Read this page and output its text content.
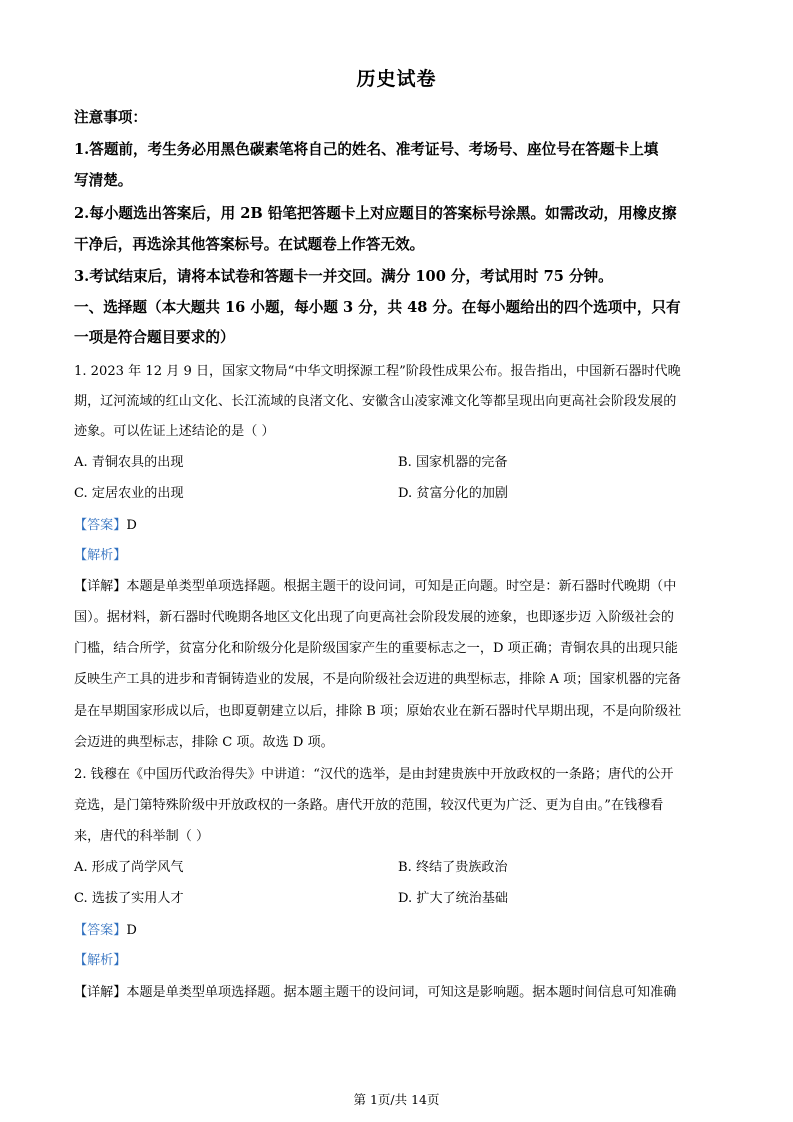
历史试卷
注意事项：
1.答题前，考生务必用黑色碳素笔将自己的姓名、准考证号、考场号、座位号在答题卡上填
写清楚。
2.每小题选出答案后，用 2B 铅笔把答题卡上对应题目的答案标号涂黑。如需改动，用橡皮擦
干净后，再选涂其他答案标号。在试题卷上作答无效。
3.考试结束后，请将本试卷和答题卡一并交回。满分 100 分，考试用时 75 分钟。
一、选择题（本大题共 16 小题，每小题 3 分，共 48 分。在每小题给出的四个选项中，只有
一项是符合题目要求的）
1. 2023 年 12 月 9 日，国家文物局“中华文明探源工程”阶段性成果公布。报告指出，中国新石器时代晚
期，辽河流域的红山文化、长江流域的良渚文化、安徽含山凌家滩文化等都呈现出向更高社会阶段发展的
迹象。可以佐证上述结论的是（ ）
A. 青铜农具的出现	B. 国家机器的完备
C. 定居农业的出现	D. 贫富分化的加剧
【答案】D
【解析】
【详解】本题是单类型单项选择题。根据主题干的设问词，可知是正向题。时空是：新石器时代晚期（中
国）。据材料，新石器时代晚期各地区文化出现了向更高社会阶段发展的迹象，也即逐步迈 入阶级社会的
门槛，结合所学，贫富分化和阶级分化是阶级国家产生的重要标志之一，D 项正确；青铜农具的出现只能
反映生产工具的进步和青铜铸造业的发展，不是向阶级社会迈进的典型标志，排除 A 项；国家机器的完备
是在早期国家形成以后，也即夏朝建立以后，排除 B 项；原始农业在新石器时代早期出现，不是向阶级社
会迈进的典型标志，排除 C 项。故选 D 项。
2. 钱穆在《中国历代政治得失》中讲道：“汉代的选举，是由封建贵族中开放政权的一条路；唐代的公开
竞选，是门第特殊阶级中开放政权的一条路。唐代开放的范围，较汉代更为广泛、更为自由。”在钱穆看
来，唐代的科举制（ ）
A. 形成了尚学风气	B. 终结了贵族政治
C. 选拔了实用人才	D. 扩大了统治基础
【答案】D
【解析】
【详解】本题是单类型单项选择题。据本题主题干的设问词，可知这是影响题。据本题时间信息可知准确
第 1页/共 14页
